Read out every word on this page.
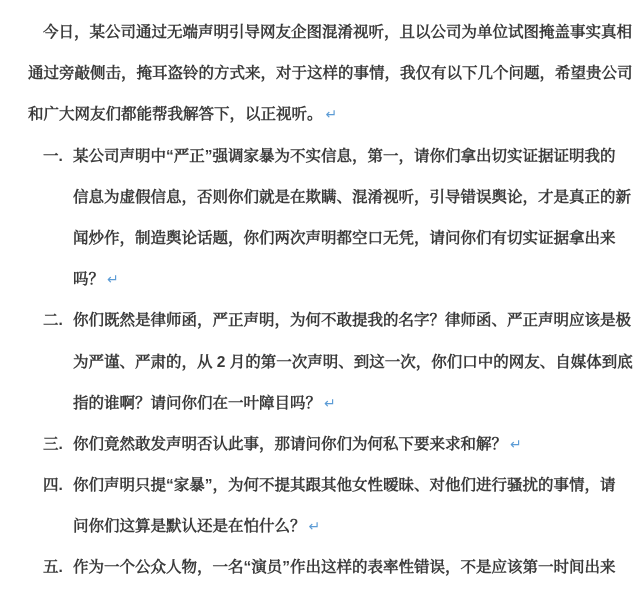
今日，某公司通过无端声明引导网友企图混淆视听，且以公司为单位试图掩盖事实真相
通过旁敲侧击，掩耳盗铃的方式来，对于这样的事情，我仅有以下几个问题，希望贵公司
和广大网友们都能帮我解答下，以正视听。 ↵
一. 某公司声明中“严正”强调家暴为不实信息，第一，请你们拿出切实证据证明我的
信息为虚假信息，否则你们就是在欺瞒、混淆视听，引导错误舆论，才是真正的新
闻炒作，制造舆论话题，你们两次声明都空口无凭，请问你们有切实证据拿出来
吗？ ↵
二. 你们既然是律师函，严正声明，为何不敢提我的名字？律师函、严正声明应该是极
为严谨、严肃的，从 2 月的第一次声明、到这一次，你们口中的网友、自媒体到底
指的谁啊？请问你们在一叶障目吗？ ↵
三. 你们竟然敢发声明否认此事，那请问你们为何私下要来求和解？ ↵
四. 你们声明只提“家暴”，为何不提其跟其他女性暧昧、对他们进行骚扰的事情，请
问你们这算是默认还是在怕什么？ ↵
五. 作为一个公众人物，一名“演员”作出这样的表率性错误，不是应该第一时间出来
